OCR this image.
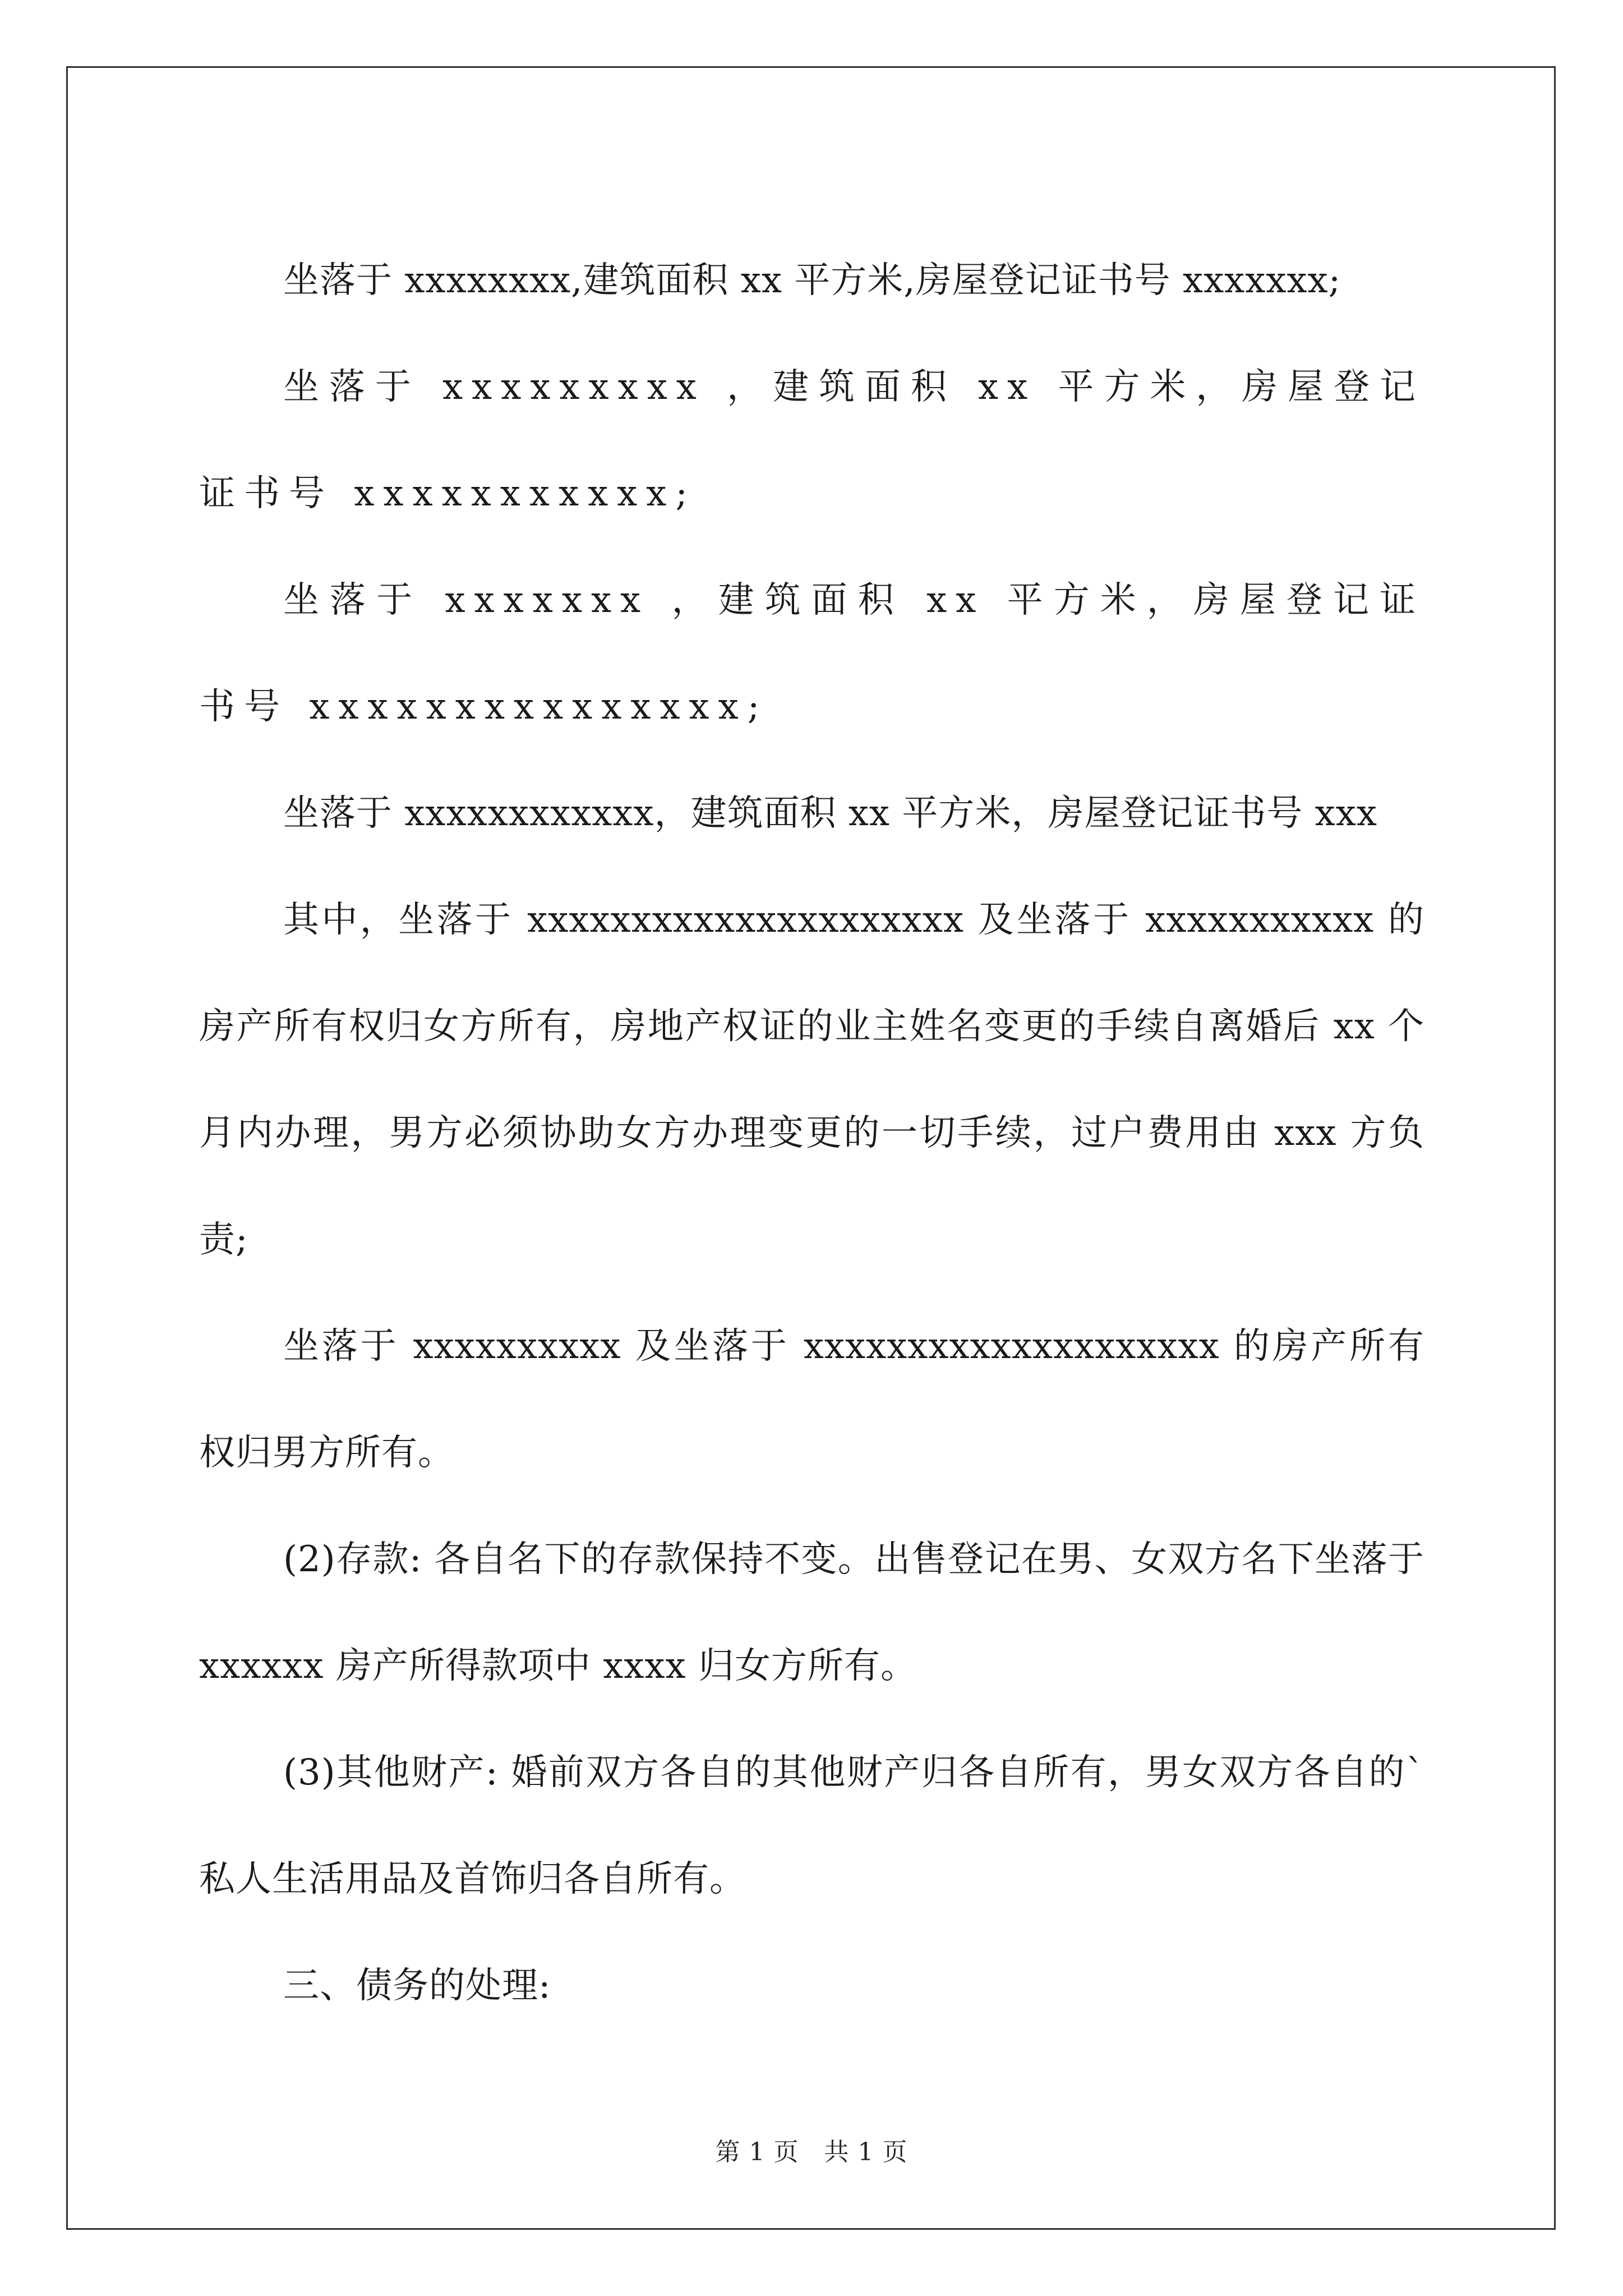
坐落于 xxxxxxxx,建筑面积 xx 平方米,房屋登记证书号 xxxxxxx;

坐落于 xxxxxxxxx ，建筑面积 xx 平方米，房屋登记证书号 xxxxxxxxxxx;

坐落于 xxxxxxx ，建筑面积 xx 平方米，房屋登记证书号 xxxxxxxxxxxxxxx;

坐落于 xxxxxxxxxxxx，建筑面积 xx 平方米，房屋登记证书号 xxx

其中，坐落于 xxxxxxxxxxxxxxxxxxxxx 及坐落于 xxxxxxxxxxx 的房产所有权归女方所有，房地产权证的业主姓名变更的手续自离婚后 xx 个月内办理，男方必须协助女方办理变更的一切手续，过户费用由 xxx 方负责;

坐落于 xxxxxxxxxx 及坐落于 xxxxxxxxxxxxxxxxxxxx 的房产所有权归男方所有。

(2)存款: 各自名下的存款保持不变。出售登记在男、女双方名下坐落于 xxxxxx 房产所得款项中 xxxx 归女方所有。

(3)其他财产: 婚前双方各自的其他财产归各自所有，男女双方各自的`私人生活用品及首饰归各自所有。

三、债务的处理:

第 1 页　共 1 页
